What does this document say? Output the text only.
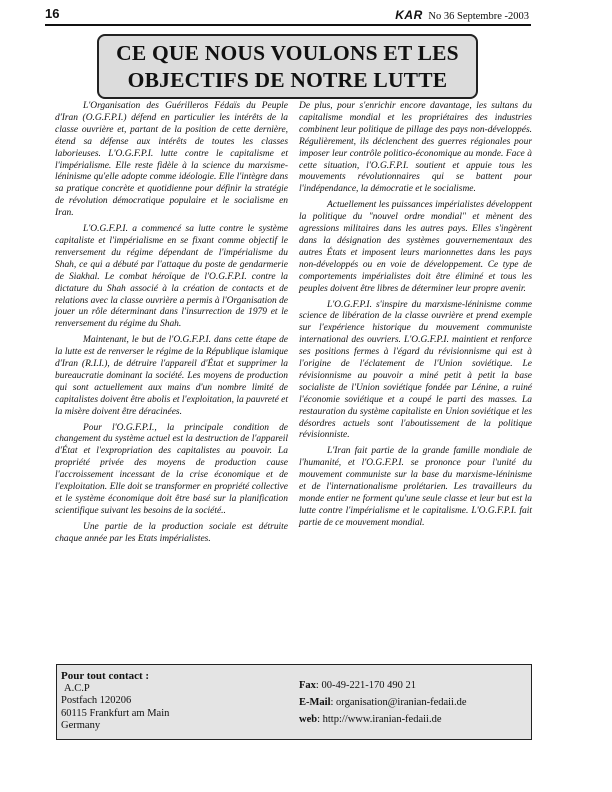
16	KAR No 36 Septembre -2003
CE QUE NOUS VOULONS ET LES
OBJECTIFS DE NOTRE LUTTE

L'Organisation des Guérilleros Fédaïs du Peuple d'Iran (O.G.F.P.I.) défend en particulier les intérêts de la classe ouvrière et, partant de la position de cette dernière, étend sa défense aux intérêts de toutes les classes laborieuses. L'O.G.F.P.I. lutte contre le capitalisme et l'impérialisme. Elle reste fidèle à la science du marxisme-léninisme qu'elle adopte comme idéologie. Elle l'intègre dans sa pratique concrète et quotidienne pour définir la stratégie de révolution démocratique populaire et le socialisme en Iran.

L'O.G.F.P.I. a commencé sa lutte contre le système capitaliste et l'impérialisme en se fixant comme objectif le renversement du régime dépendant de l'impérialisme du Shah, ce qui a débuté par l'attaque du poste de gendarmerie de Siakhal. Le combat héroïque de l'O.G.F.P.I. contre la dictature du Shah associé à la création de contacts et de relations avec la classe ouvrière a permis à l'Organisation de jouer un rôle déterminant dans l'insurrection de 1979 et le renversement du régime du Shah.

Maintenant, le but de l'O.G.F.P.I. dans cette étape de la lutte est de renverser le régime de la République islamique d'Iran (R.I.I.), de détruire l'appareil d'État et supprimer la bureaucratie dominant la société. Les moyens de production qui sont actuellement aux mains d'un nombre limité de capitalistes doivent être abolis et l'exploitation, la pauvreté et la misère doivent être déracinées.

Pour l'O.G.F.P.I., la principale condition de changement du système actuel est la destruction de l'appareil d'État et l'expropriation des capitalistes au pouvoir. La propriété privée des moyens de production cause l'accroissement incessant de la crise économique et de l'exploitation. Elle doit se transformer en propriété collective et le système économique doit être basé sur la planification scientifique suivant les besoins de la société..

Une partie de la production sociale est détruite chaque année par les Etats impérialistes.

De plus, pour s'enrichir encore davantage, les sultans du capitalisme mondial et les propriétaires des industries combinent leur politique de pillage des pays non-développés. Régulièrement, ils déclenchent des guerres régionales pour imposer leur contrôle politico-économique au monde. Face à cette situation, l'O.G.F.P.I. soutient et appuie tous les mouvements révolutionnaires qui se battent pour l'indépendance, la démocratie et le socialisme.

Actuellement les puissances impérialistes développent la politique du "nouvel ordre mondial" et mènent des agressions militaires dans les autres pays. Elles s'ingèrent dans la désignation des systèmes gouvernementaux des autres États et imposent leurs marionnettes dans les pays non-développés ou en voie de développement. Ce type de comportements impérialistes doit être éliminé et tous les peuples doivent être libres de déterminer leur propre avenir.

L'O.G.F.P.I. s'inspire du marxisme-léninisme comme science de libération de la classe ouvrière et prend exemple sur l'expérience historique du mouvement communiste international des ouvriers. L'O.G.F.P.I. maintient et renforce ses positions fermes à l'égard du révisionnisme qui est à l'origine de l'éclatement de l'Union soviétique. Le révisionnisme au pouvoir a miné petit à petit la base socialiste de l'Union soviétique fondée par Lénine, a ruiné l'économie soviétique et a coupé le parti des masses. La restauration du système capitaliste en Union soviétique et les désordres actuels sont l'aboutissement de la politique révisionniste.

L'Iran fait partie de la grande famille mondiale de l'humanité, et l'O.G.F.P.I. se prononce pour l'unité du mouvement communiste sur la base du marxisme-léninisme et de l'internationalisme prolétarien. Les travailleurs du monde entier ne forment qu'une seule classe et leur but est la lutte contre l'impérialisme et le capitalisme. L'O.G.F.P.I. fait partie de ce mouvement mondial.

Pour tout contact :
A.C.P
Postfach 120206
60115 Frankfurt am Main
Germany
Fax: 00-49-221-170 490 21
E-Mail: organisation@iranian-fedaii.de
web: http://www.iranian-fedaii.de
